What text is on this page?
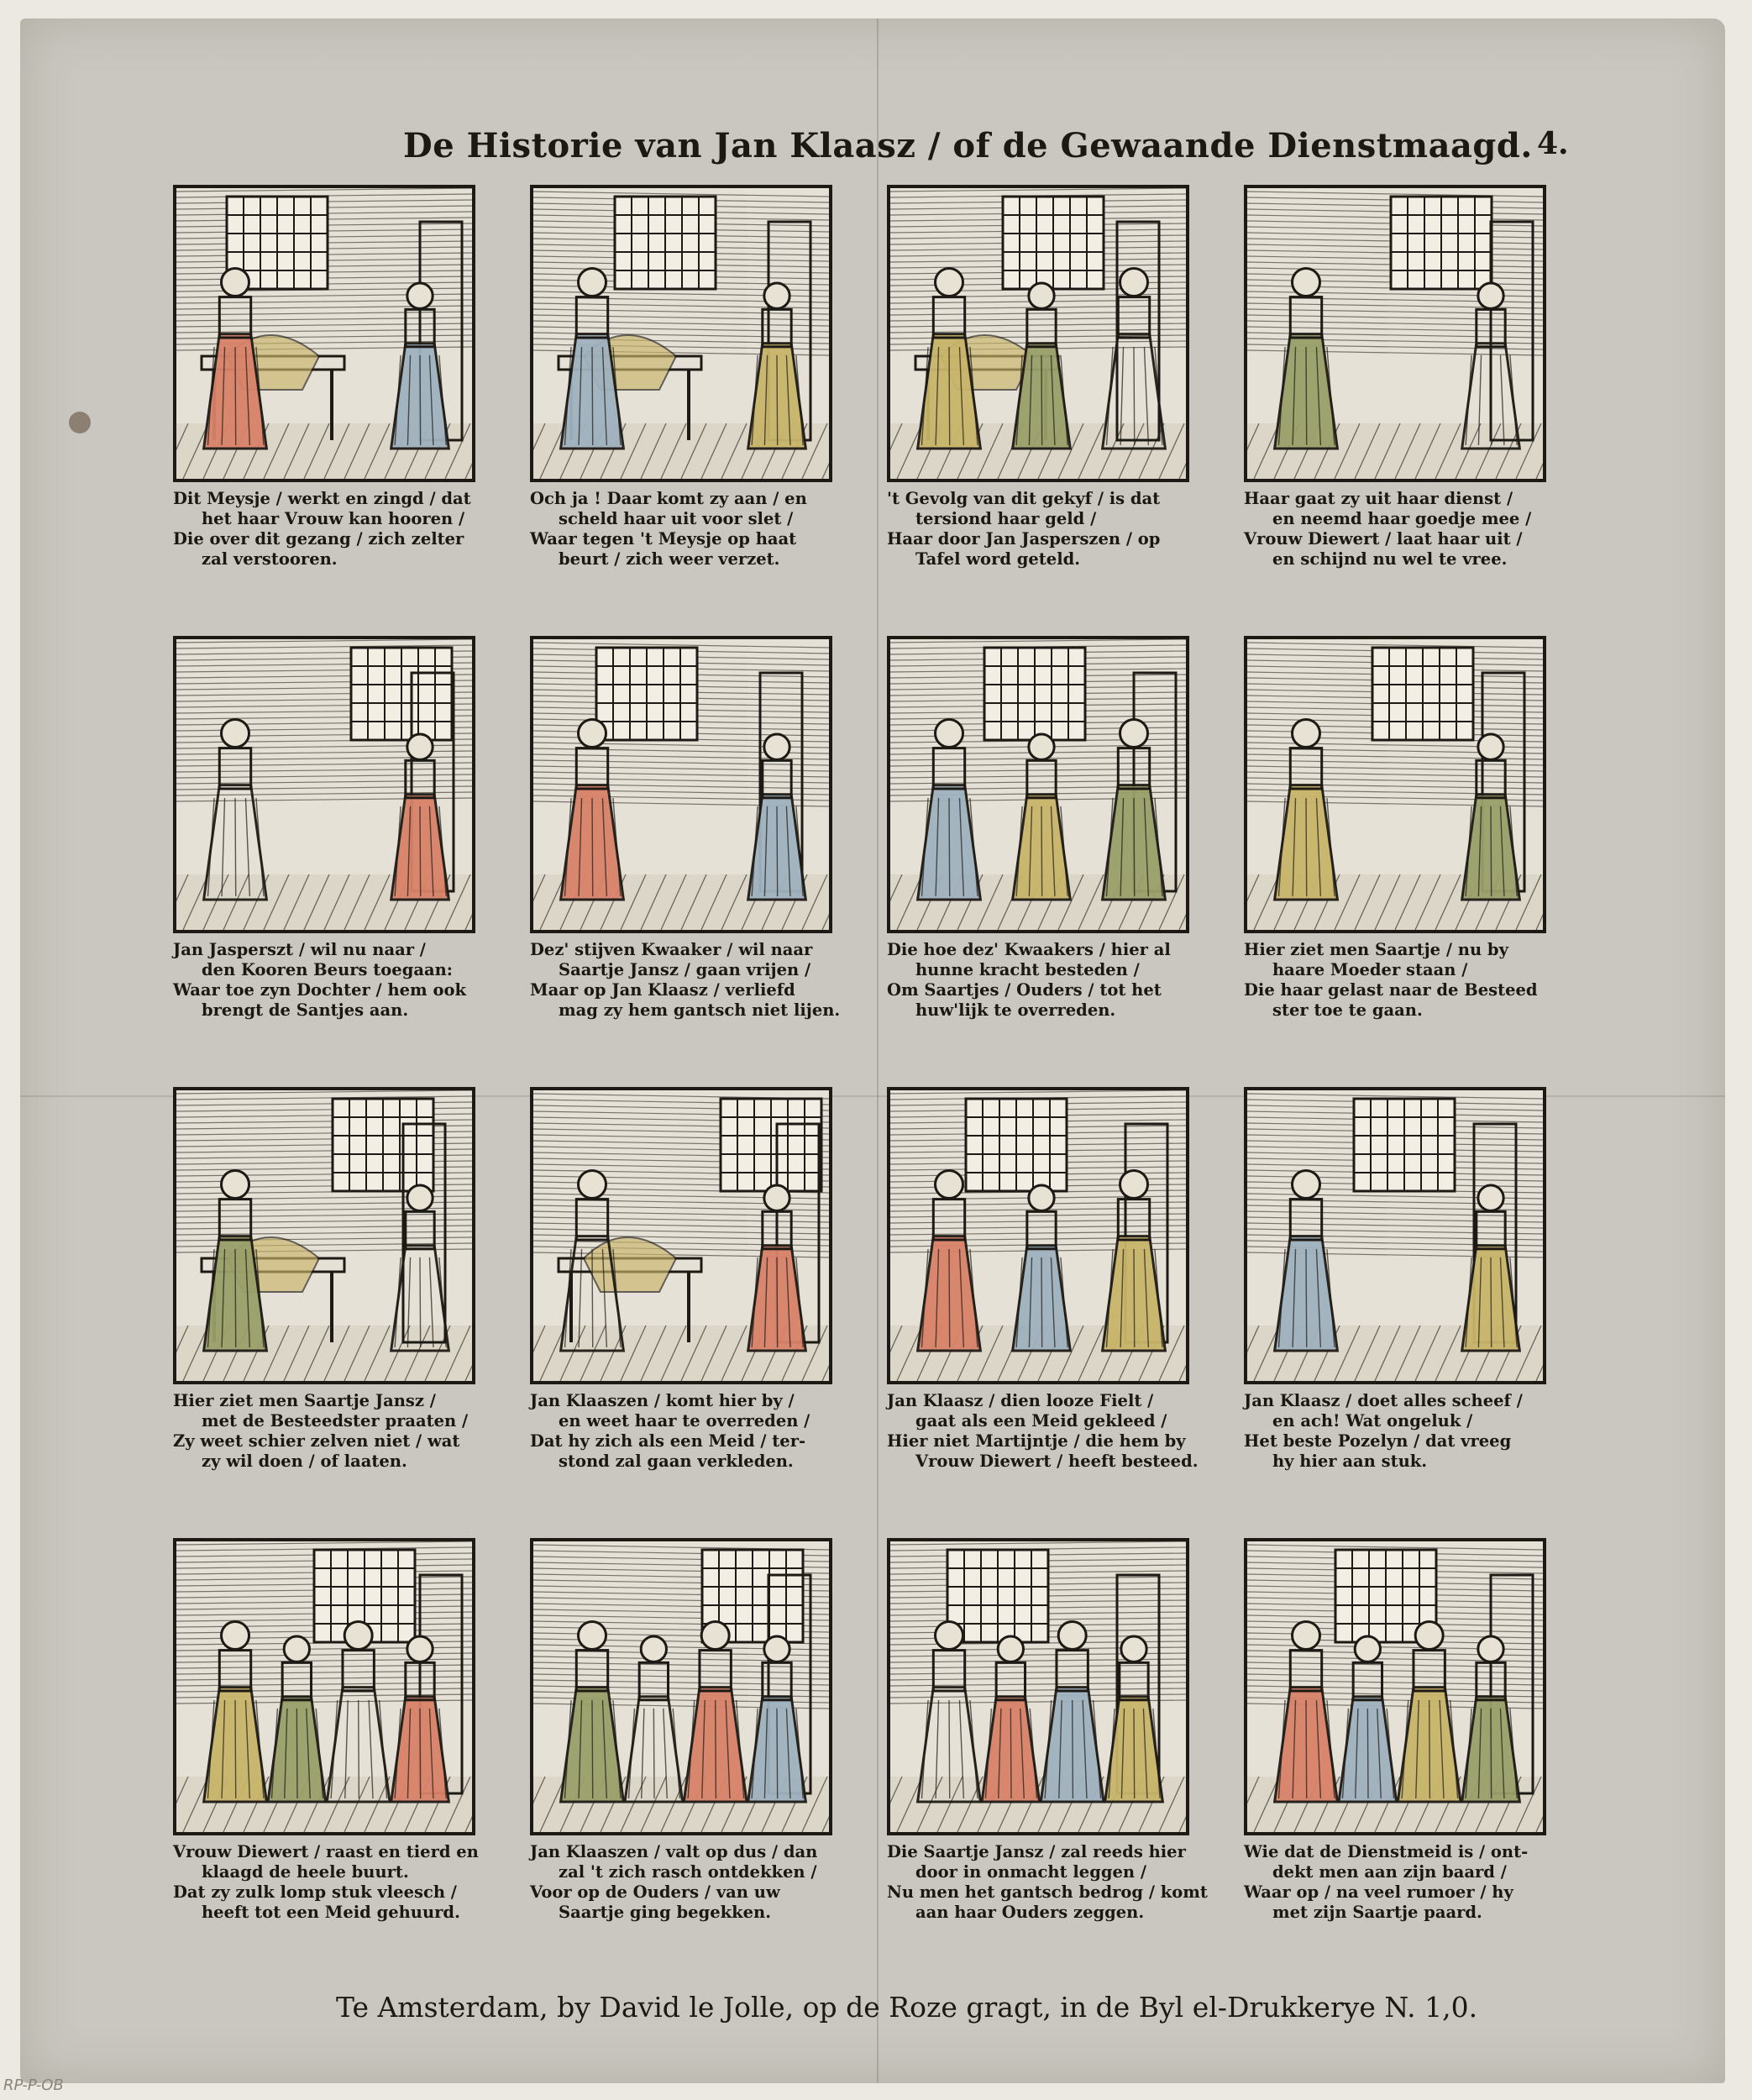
De Historie van Jan Klaasz / of de Gewaande Dienstmaagd. 4.
Dit Meysje / werkt en zingd / dat
het haar Vrouw kan hooren /
Die over dit gezang / zich zelter
zal verstooren.
Och ja ! Daar komt zy aan / en
scheld haar uit voor slet /
Waar tegen 't Meysje op haat
beurt / zich weer verzet.
't Gevolg van dit gekyf / is dat
tersiond haar geld /
Haar door Jan Jasperszen / op
Tafel word geteld.
Haar gaat zy uit haar dienst /
en neemd haar goedje mee /
Vrouw Diewert / laat haar uit /
en schijnd nu wel te vree.
Jan Jasperszt / wil nu naar /
den Kooren Beurs toegaan:
Waar toe zyn Dochter / hem ook
brengt de Santjes aan.
Dez' stijven Kwaaker / wil naar
Saartje Jansz / gaan vrijen /
Maar op Jan Klaasz / verliefd
mag zy hem gantsch niet lijen.
Die hoe dez' Kwaakers / hier al
hunne kracht besteden /
Om Saartjes / Ouders / tot het
huw'lijk te overreden.
Hier ziet men Saartje / nu by
haare Moeder staan /
Die haar gelast naar de Besteed
ster toe te gaan.
Hier ziet men Saartje Jansz /
met de Besteedster praaten /
Zy weet schier zelven niet / wat
zy wil doen / of laaten.
Jan Klaaszen / komt hier by /
en weet haar te overreden /
Dat hy zich als een Meid / ter-
stond zal gaan verkleden.
Jan Klaasz / dien looze Fielt /
gaat als een Meid gekleed /
Hier niet Martijntje / die hem by
Vrouw Diewert / heeft besteed.
Jan Klaasz / doet alles scheef /
en ach! Wat ongeluk /
Het beste Pozelyn / dat vreeg
hy hier aan stuk.
Vrouw Diewert / raast en tierd en
klaagd de heele buurt.
Dat zy zulk lomp stuk vleesch /
heeft tot een Meid gehuurd.
Jan Klaaszen / valt op dus / dan
zal 't zich rasch ontdekken /
Voor op de Ouders / van uw
Saartje ging begekken.
Die Saartje Jansz / zal reeds hier
door in onmacht leggen /
Nu men het gantsch bedrog / komt
aan haar Ouders zeggen.
Wie dat de Dienstmeid is / ont-
dekt men aan zijn baard /
Waar op / na veel rumoer / hy
met zijn Saartje paard.
Te Amsterdam, by David le Jolle, op de Roze gragt, in de Byl el-Drukkerye N. 1,0.
RP-P-OB
